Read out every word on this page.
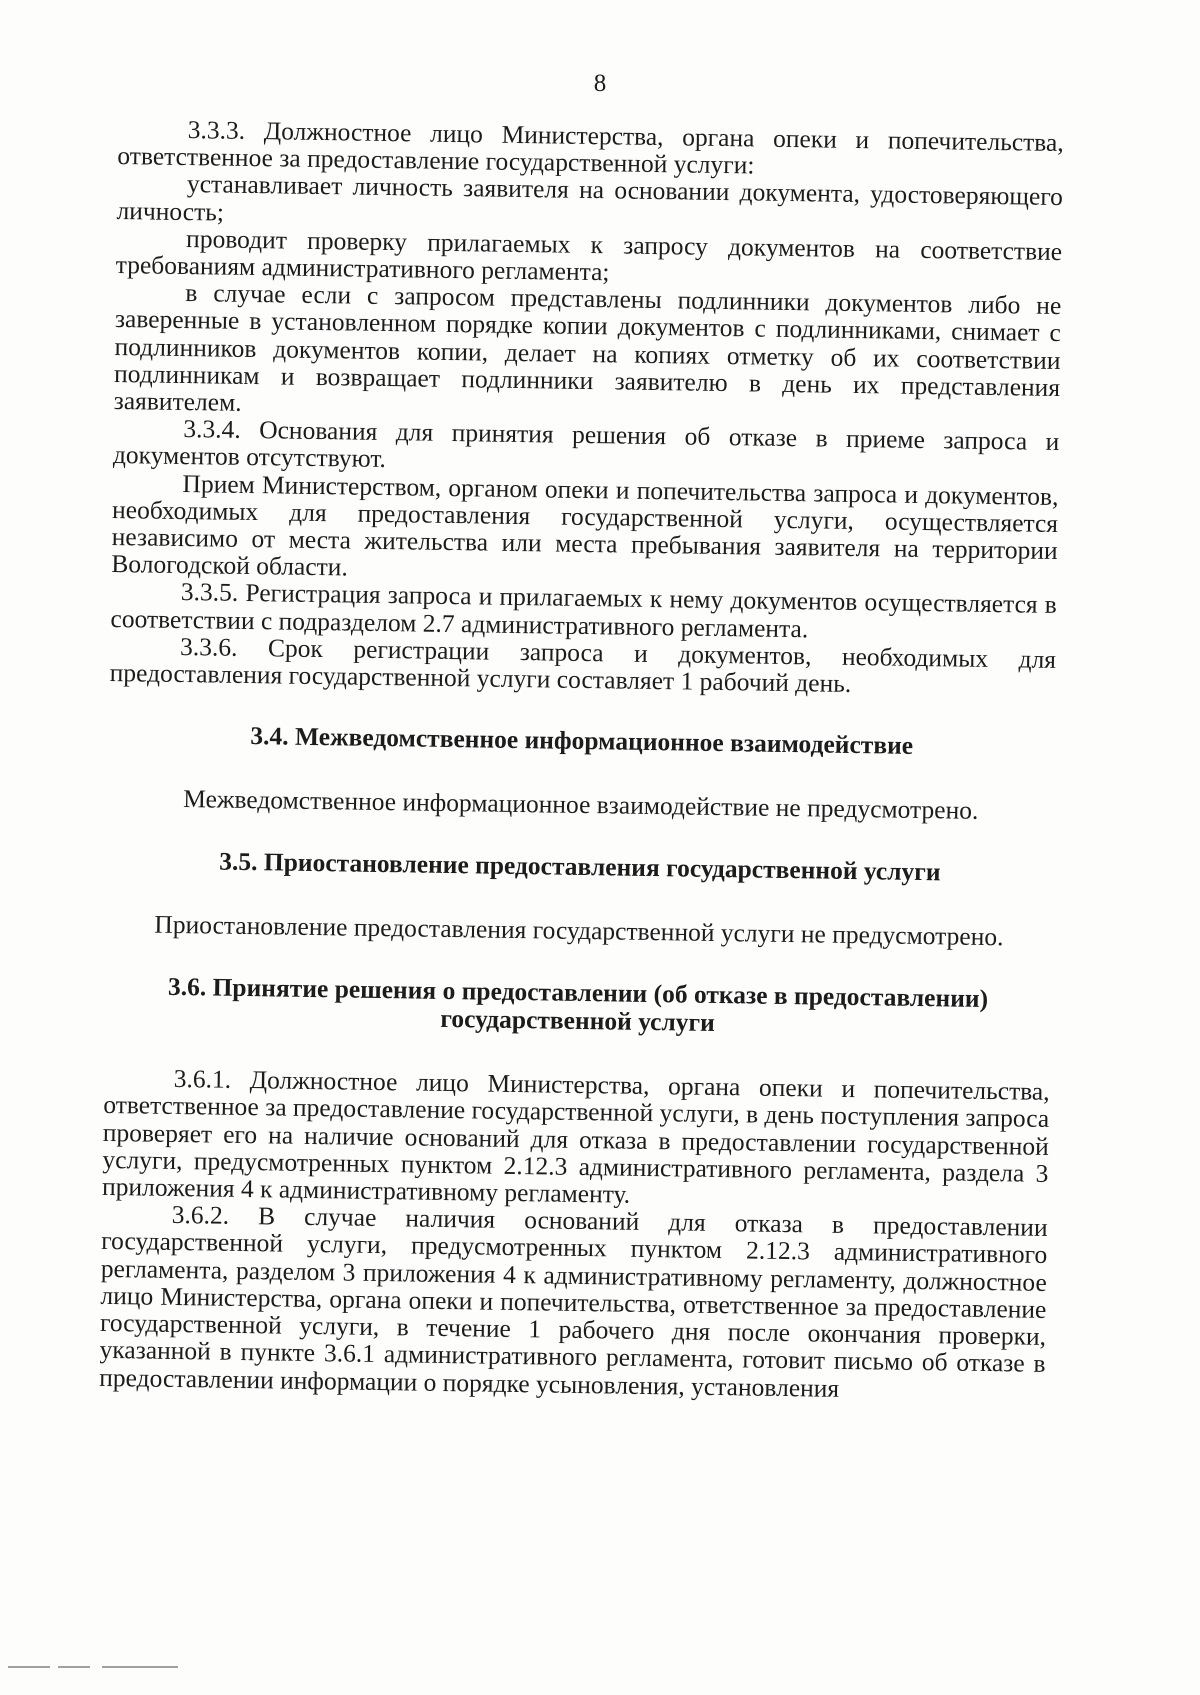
8

3.3.3. Должностное лицо Министерства, органа опеки и попечительства, ответственное за предоставление государственной услуги:

устанавливает личность заявителя на основании документа, удостоверяющего личность;

проводит проверку прилагаемых к запросу документов на соответствие требованиям административного регламента;

в случае если с запросом представлены подлинники документов либо не заверенные в установленном порядке копии документов с подлинниками, снимает с подлинников документов копии, делает на копиях отметку об их соответствии подлинникам и возвращает подлинники заявителю в день их представления заявителем.

3.3.4. Основания для принятия решения об отказе в приеме запроса и документов отсутствуют.

Прием Министерством, органом опеки и попечительства запроса и документов, необходимых для предоставления государственной услуги, осуществляется независимо от места жительства или места пребывания заявителя на территории Вологодской области.

3.3.5. Регистрация запроса и прилагаемых к нему документов осуществляется в соответствии с подразделом 2.7 административного регламента.

3.3.6. Срок регистрации запроса и документов, необходимых для предоставления государственной услуги составляет 1 рабочий день.

3.4. Межведомственное информационное взаимодействие

Межведомственное информационное взаимодействие не предусмотрено.

3.5. Приостановление предоставления государственной услуги

Приостановление предоставления государственной услуги не предусмотрено.

3.6. Принятие решения о предоставлении (об отказе в предоставлении)

государственной услуги

3.6.1. Должностное лицо Министерства, органа опеки и попечительства, ответственное за предоставление государственной услуги, в день поступления запроса проверяет его на наличие оснований для отказа в предоставлении государственной услуги, предусмотренных пунктом 2.12.3 административного регламента, раздела 3 приложения 4 к административному регламенту.

3.6.2. В случае наличия оснований для отказа в предоставлении государственной услуги, предусмотренных пунктом 2.12.3 административного регламента, разделом 3 приложения 4 к административному регламенту, должностное лицо Министерства, органа опеки и попечительства, ответственное за предоставление государственной услуги, в течение 1 рабочего дня после окончания проверки, указанной в пункте 3.6.1 административного регламента, готовит письмо об отказе в предоставлении информации о порядке усыновления, установления
